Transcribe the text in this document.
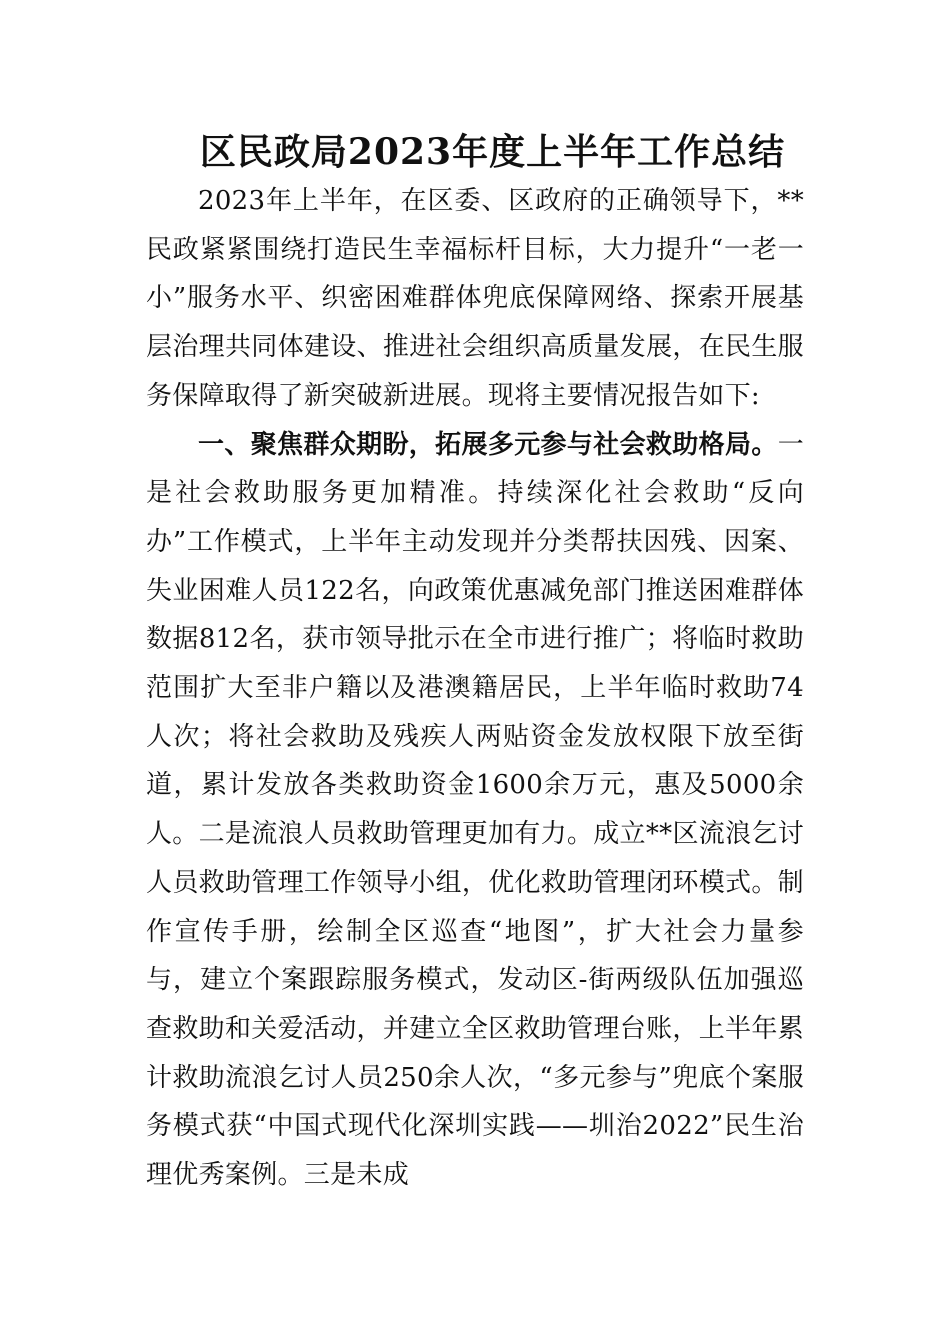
区民政局2023年度上半年工作总结

2023年上半年，在区委、区政府的正确领导下，**民政紧紧围绕打造民生幸福标杆目标，大力提升“一老一小”服务水平、织密困难群体兜底保障网络、探索开展基层治理共同体建设、推进社会组织高质量发展，在民生服务保障取得了新突破新进展。现将主要情况报告如下:

一、聚焦群众期盼，拓展多元参与社会救助格局。一是社会救助服务更加精准。持续深化社会救助“反向办”工作模式，上半年主动发现并分类帮扶因残、因案、失业困难人员122名，向政策优惠减免部门推送困难群体数据812名，获市领导批示在全市进行推广；将临时救助范围扩大至非户籍以及港澳籍居民，上半年临时救助74人次；将社会救助及残疾人两贴资金发放权限下放至街道，累计发放各类救助资金1600余万元，惠及5000余人。二是流浪人员救助管理更加有力。成立**区流浪乞讨人员救助管理工作领导小组，优化救助管理闭环模式。制作宣传手册，绘制全区巡查“地图”，扩大社会力量参与，建立个案跟踪服务模式，发动区-街两级队伍加强巡查救助和关爱活动，并建立全区救助管理台账，上半年累计救助流浪乞讨人员250余人次，“多元参与”兜底个案服务模式获“中国式现代化深圳实践——圳治2022”民生治理优秀案例。三是未成
